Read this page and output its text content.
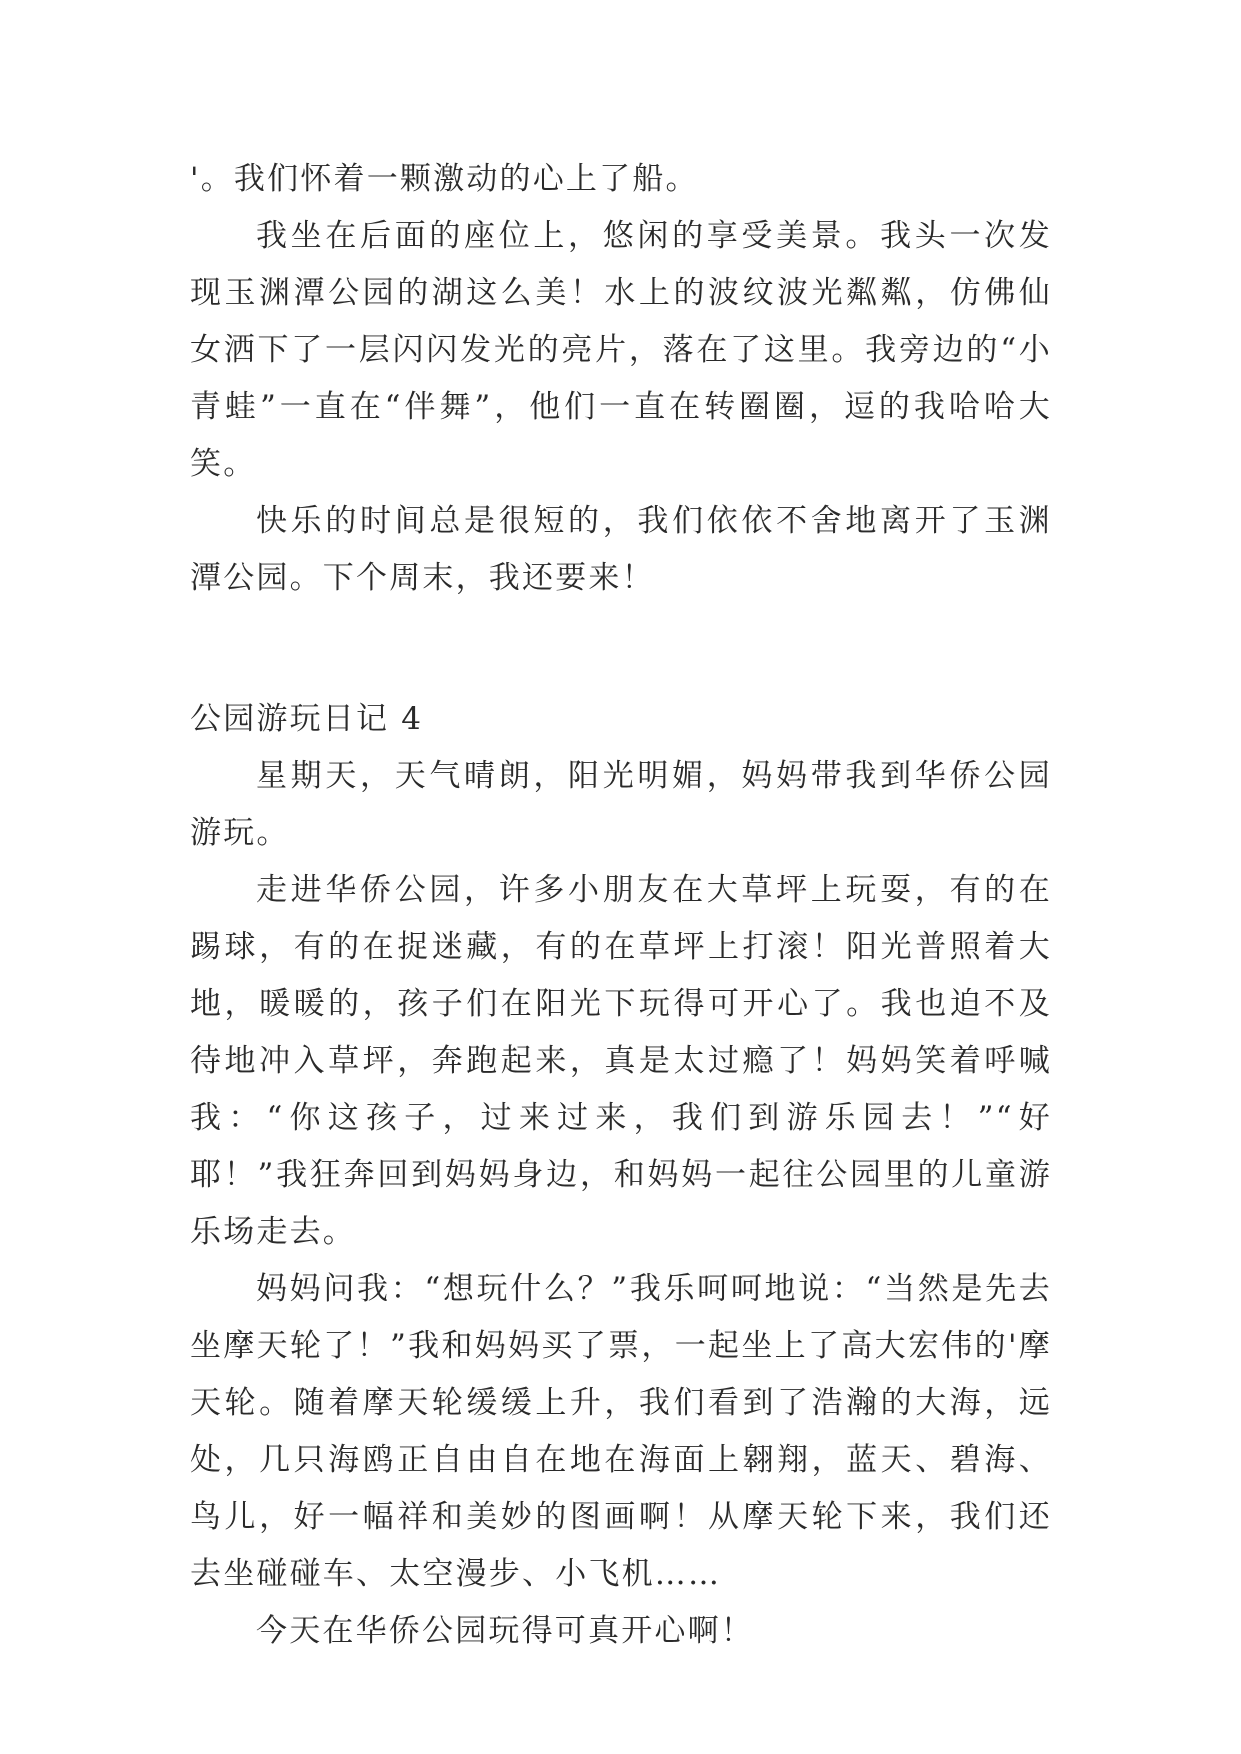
'。我们怀着一颗激动的心上了船。

我坐在后面的座位上，悠闲的享受美景。我头一次发现玉渊潭公园的湖这么美！水上的波纹波光粼粼，仿佛仙女洒下了一层闪闪发光的亮片，落在了这里。我旁边的“小青蛙”一直在“伴舞”，他们一直在转圈圈，逗的我哈哈大笑。

快乐的时间总是很短的，我们依依不舍地离开了玉渊潭公园。下个周末，我还要来！

公园游玩日记 4

星期天，天气晴朗，阳光明媚，妈妈带我到华侨公园游玩。

走进华侨公园，许多小朋友在大草坪上玩耍，有的在踢球，有的在捉迷藏，有的在草坪上打滚！阳光普照着大地，暖暖的，孩子们在阳光下玩得可开心了。我也迫不及待地冲入草坪，奔跑起来，真是太过瘾了！妈妈笑着呼喊我：“你这孩子，过来过来，我们到游乐园去！”“好耶！”我狂奔回到妈妈身边，和妈妈一起往公园里的儿童游乐场走去。

妈妈问我：“想玩什么？”我乐呵呵地说：“当然是先去坐摩天轮了！”我和妈妈买了票，一起坐上了高大宏伟的'摩天轮。随着摩天轮缓缓上升，我们看到了浩瀚的大海，远处，几只海鸥正自由自在地在海面上翱翔，蓝天、碧海、鸟儿，好一幅祥和美妙的图画啊！从摩天轮下来，我们还去坐碰碰车、太空漫步、小飞机……

今天在华侨公园玩得可真开心啊！
